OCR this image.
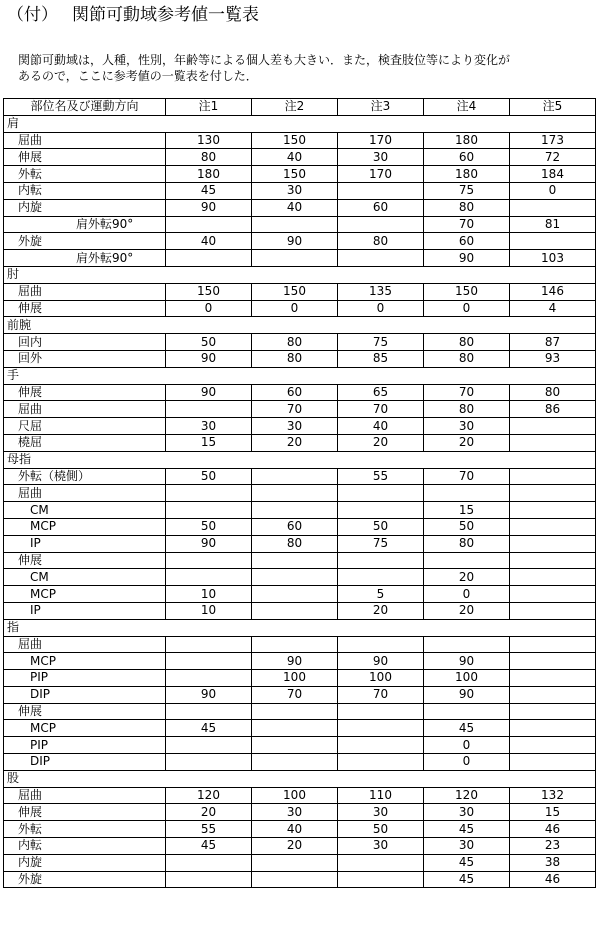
（付） 関節可動域参考値一覧表
関節可動域は，人種，性別，年齢等による個人差も大きい．また，検査肢位等により変化が
あるので，ここに参考値の一覧表を付した．
部位名及び運動方向	注1	注2	注3	注4	注5
肩					
屈曲	130	150	170	180	173
伸展	80	40	30	60	72
外転	180	150	170	180	184
内転	45	30		75	0
内旋	90	40	60	80	
肩外転90°				70	81
外旋	40	90	80	60	
肩外転90°				90	103
肘					
屈曲	150	150	135	150	146
伸展	0	0	0	0	4
前腕					
回内	50	80	75	80	87
回外	90	80	85	80	93
手					
伸展	90	60	65	70	80
屈曲		70	70	80	86
尺屈	30	30	40	30	
橈屈	15	20	20	20	
母指					
外転（橈側）	50		55	70	
屈曲					
CM				15	
MCP	50	60	50	50	
IP	90	80	75	80	
伸展					
CM				20	
MCP	10		5	0	
IP	10		20	20	
指					
屈曲					
MCP		90	90	90	
PIP		100	100	100	
DIP	90	70	70	90	
伸展					
MCP	45			45	
PIP				0	
DIP				0	
股					
屈曲	120	100	110	120	132
伸展	20	30	30	30	15
外転	55	40	50	45	46
内転	45	20	30	30	23
内旋				45	38
外旋				45	46
